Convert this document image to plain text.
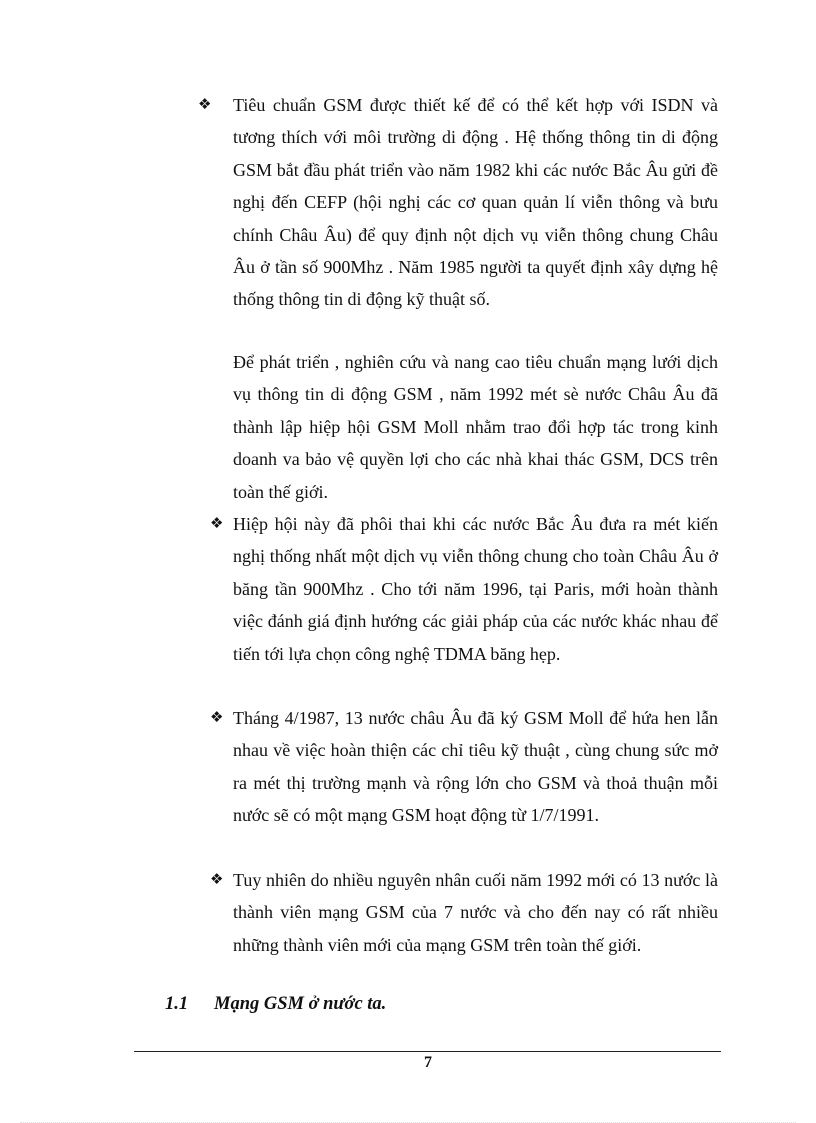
❖ Tiêu chuẩn GSM được thiết kế để có thể kết hợp với ISDN và tương thích với môi trường di động . Hệ thống thông tin di động GSM bắt đầu phát triển vào năm 1982 khi các nước Bắc Âu gửi đề nghị đến CEFP (hội nghị các cơ quan quản lí viễn thông và bưu chính Châu Âu) để quy định nột dịch vụ viễn thông chung Châu Âu ở tần số 900Mhz . Năm 1985 người ta quyết định xây dựng hệ thống thông tin di động kỹ thuật số.

Để phát triển , nghiên cứu và nang cao tiêu chuẩn mạng lưới dịch vụ thông tin di động GSM , năm 1992 mét sè nước Châu Âu đã thành lập hiệp hội GSM Moll nhằm trao đổi hợp tác trong kinh doanh va bảo vệ quyền lợi cho các nhà khai thác GSM, DCS trên toàn thế giới.

❖ Hiệp hội này đã phôi thai khi các nước Bắc Âu đưa ra mét kiến nghị thống nhất một dịch vụ viễn thông chung cho toàn Châu Âu ở băng tần 900Mhz . Cho tới năm 1996, tại Paris, mới hoàn thành việc đánh giá định hướng các giải pháp của các nước khác nhau để tiến tới lựa chọn công nghệ TDMA băng hẹp.

❖ Tháng 4/1987, 13 nước châu Âu đã ký GSM Moll để hứa hen lẫn nhau về việc hoàn thiện các chỉ tiêu kỹ thuật , cùng chung sức mở ra mét thị trường mạnh và rộng lớn cho GSM và thoả thuận mỗi nước sẽ có một mạng GSM hoạt động từ 1/7/1991.

❖ Tuy nhiên do nhiều nguyên nhân cuối năm 1992 mới có 13 nước là thành viên mạng GSM của 7 nước và cho đến nay có rất nhiều những thành viên mới của mạng GSM trên toàn thế giới.

1.1 Mạng GSM ở nước ta.
7
